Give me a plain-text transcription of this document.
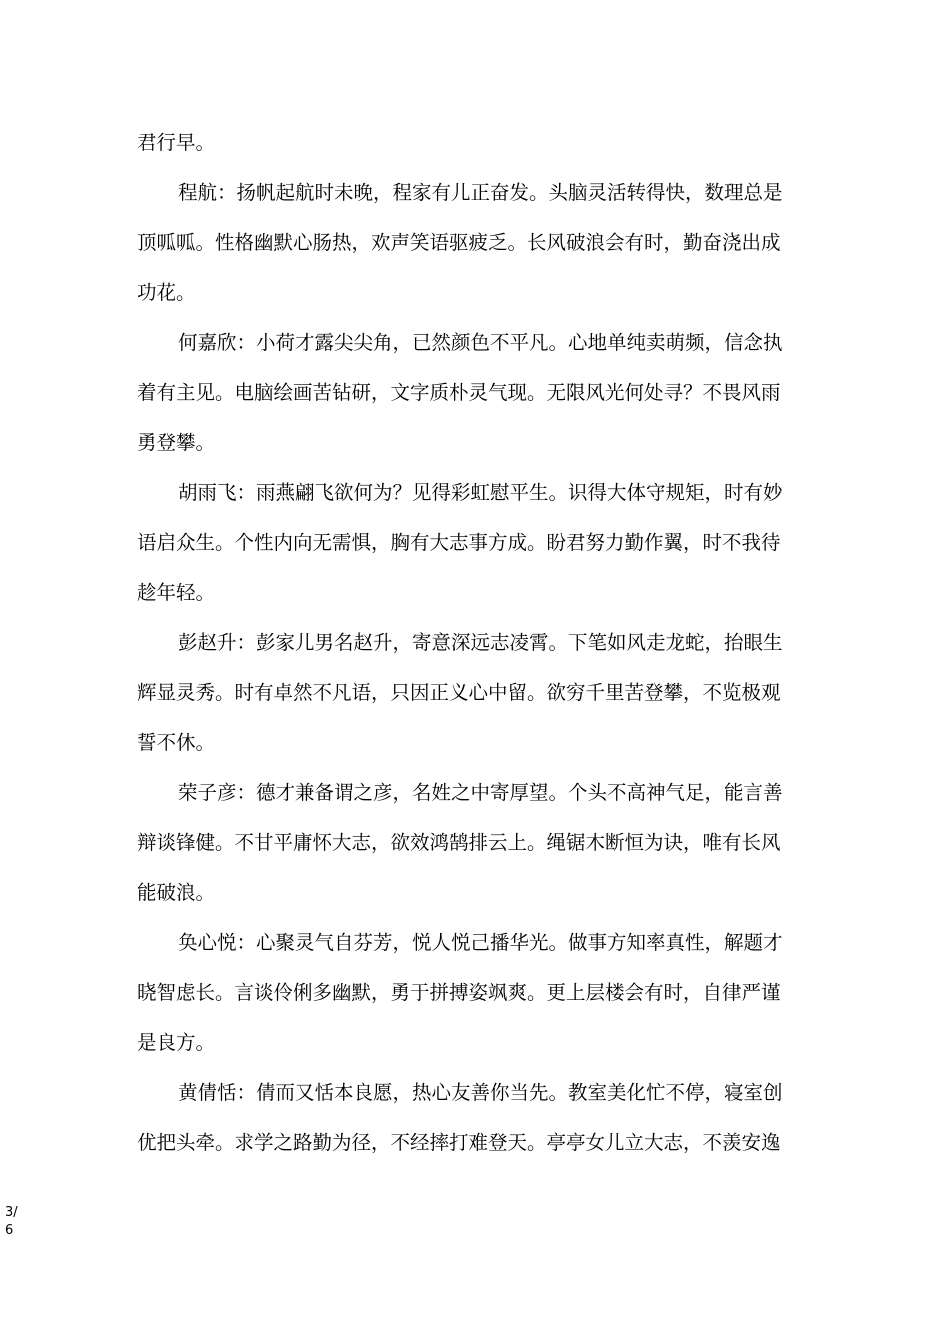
君行早。
程航：扬帆起航时未晚，程家有儿正奋发。头脑灵活转得快，数理总是
顶呱呱。性格幽默心肠热，欢声笑语驱疲乏。长风破浪会有时，勤奋浇出成
功花。
何嘉欣：小荷才露尖尖角，已然颜色不平凡。心地单纯卖萌频，信念执
着有主见。电脑绘画苦钻研，文字质朴灵气现。无限风光何处寻？不畏风雨
勇登攀。
胡雨飞：雨燕翩飞欲何为？见得彩虹慰平生。识得大体守规矩，时有妙
语启众生。个性内向无需惧，胸有大志事方成。盼君努力勤作翼，时不我待
趁年轻。
彭赵升：彭家儿男名赵升，寄意深远志凌霄。下笔如风走龙蛇，抬眼生
辉显灵秀。时有卓然不凡语，只因正义心中留。欲穷千里苦登攀，不览极观
誓不休。
荣子彦：德才兼备谓之彦，名姓之中寄厚望。个头不高神气足，能言善
辩谈锋健。不甘平庸怀大志，欲效鸿鹄排云上。绳锯木断恒为诀，唯有长风
能破浪。
奂心悦：心聚灵气自芬芳，悦人悦己播华光。做事方知率真性，解题才
晓智虑长。言谈伶俐多幽默，勇于拼搏姿飒爽。更上层楼会有时，自律严谨
是良方。
黄倩恬：倩而又恬本良愿，热心友善你当先。教室美化忙不停，寝室创
优把头牵。求学之路勤为径，不经摔打难登天。亭亭女儿立大志，不羡安逸
3/
6
